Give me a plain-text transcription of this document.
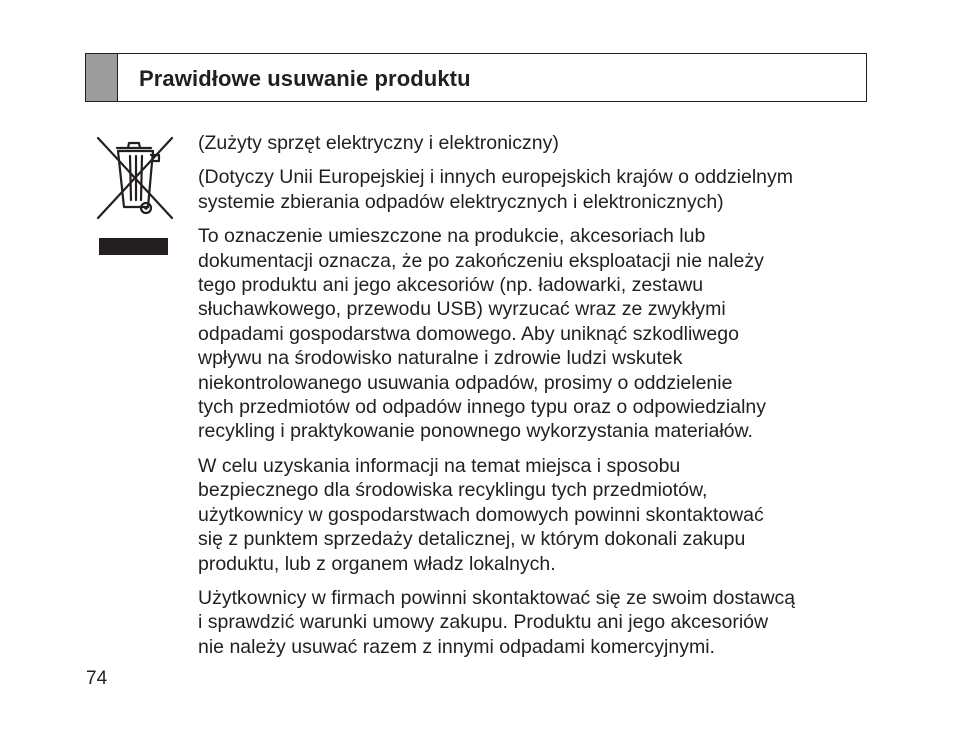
Prawidłowe usuwanie produktu

(Zużyty sprzęt elektryczny i elektroniczny)

(Dotyczy Unii Europejskiej i innych europejskich krajów o oddzielnym
systemie zbierania odpadów elektrycznych i elektronicznych)

To oznaczenie umieszczone na produkcie, akcesoriach lub
dokumentacji oznacza, że po zakończeniu eksploatacji nie należy
tego produktu ani jego akcesoriów (np. ładowarki, zestawu
słuchawkowego, przewodu USB) wyrzucać wraz ze zwykłymi
odpadami gospodarstwa domowego. Aby uniknąć szkodliwego
wpływu na środowisko naturalne i zdrowie ludzi wskutek
niekontrolowanego usuwania odpadów, prosimy o oddzielenie
tych przedmiotów od odpadów innego typu oraz o odpowiedzialny
recykling i praktykowanie ponownego wykorzystania materiałów.

W celu uzyskania informacji na temat miejsca i sposobu
bezpiecznego dla środowiska recyklingu tych przedmiotów,
użytkownicy w gospodarstwach domowych powinni skontaktować
się z punktem sprzedaży detalicznej, w którym dokonali zakupu
produktu, lub z organem władz lokalnych.

Użytkownicy w firmach powinni skontaktować się ze swoim dostawcą
i sprawdzić warunki umowy zakupu. Produktu ani jego akcesoriów
nie należy usuwać razem z innymi odpadami komercyjnymi.

74
